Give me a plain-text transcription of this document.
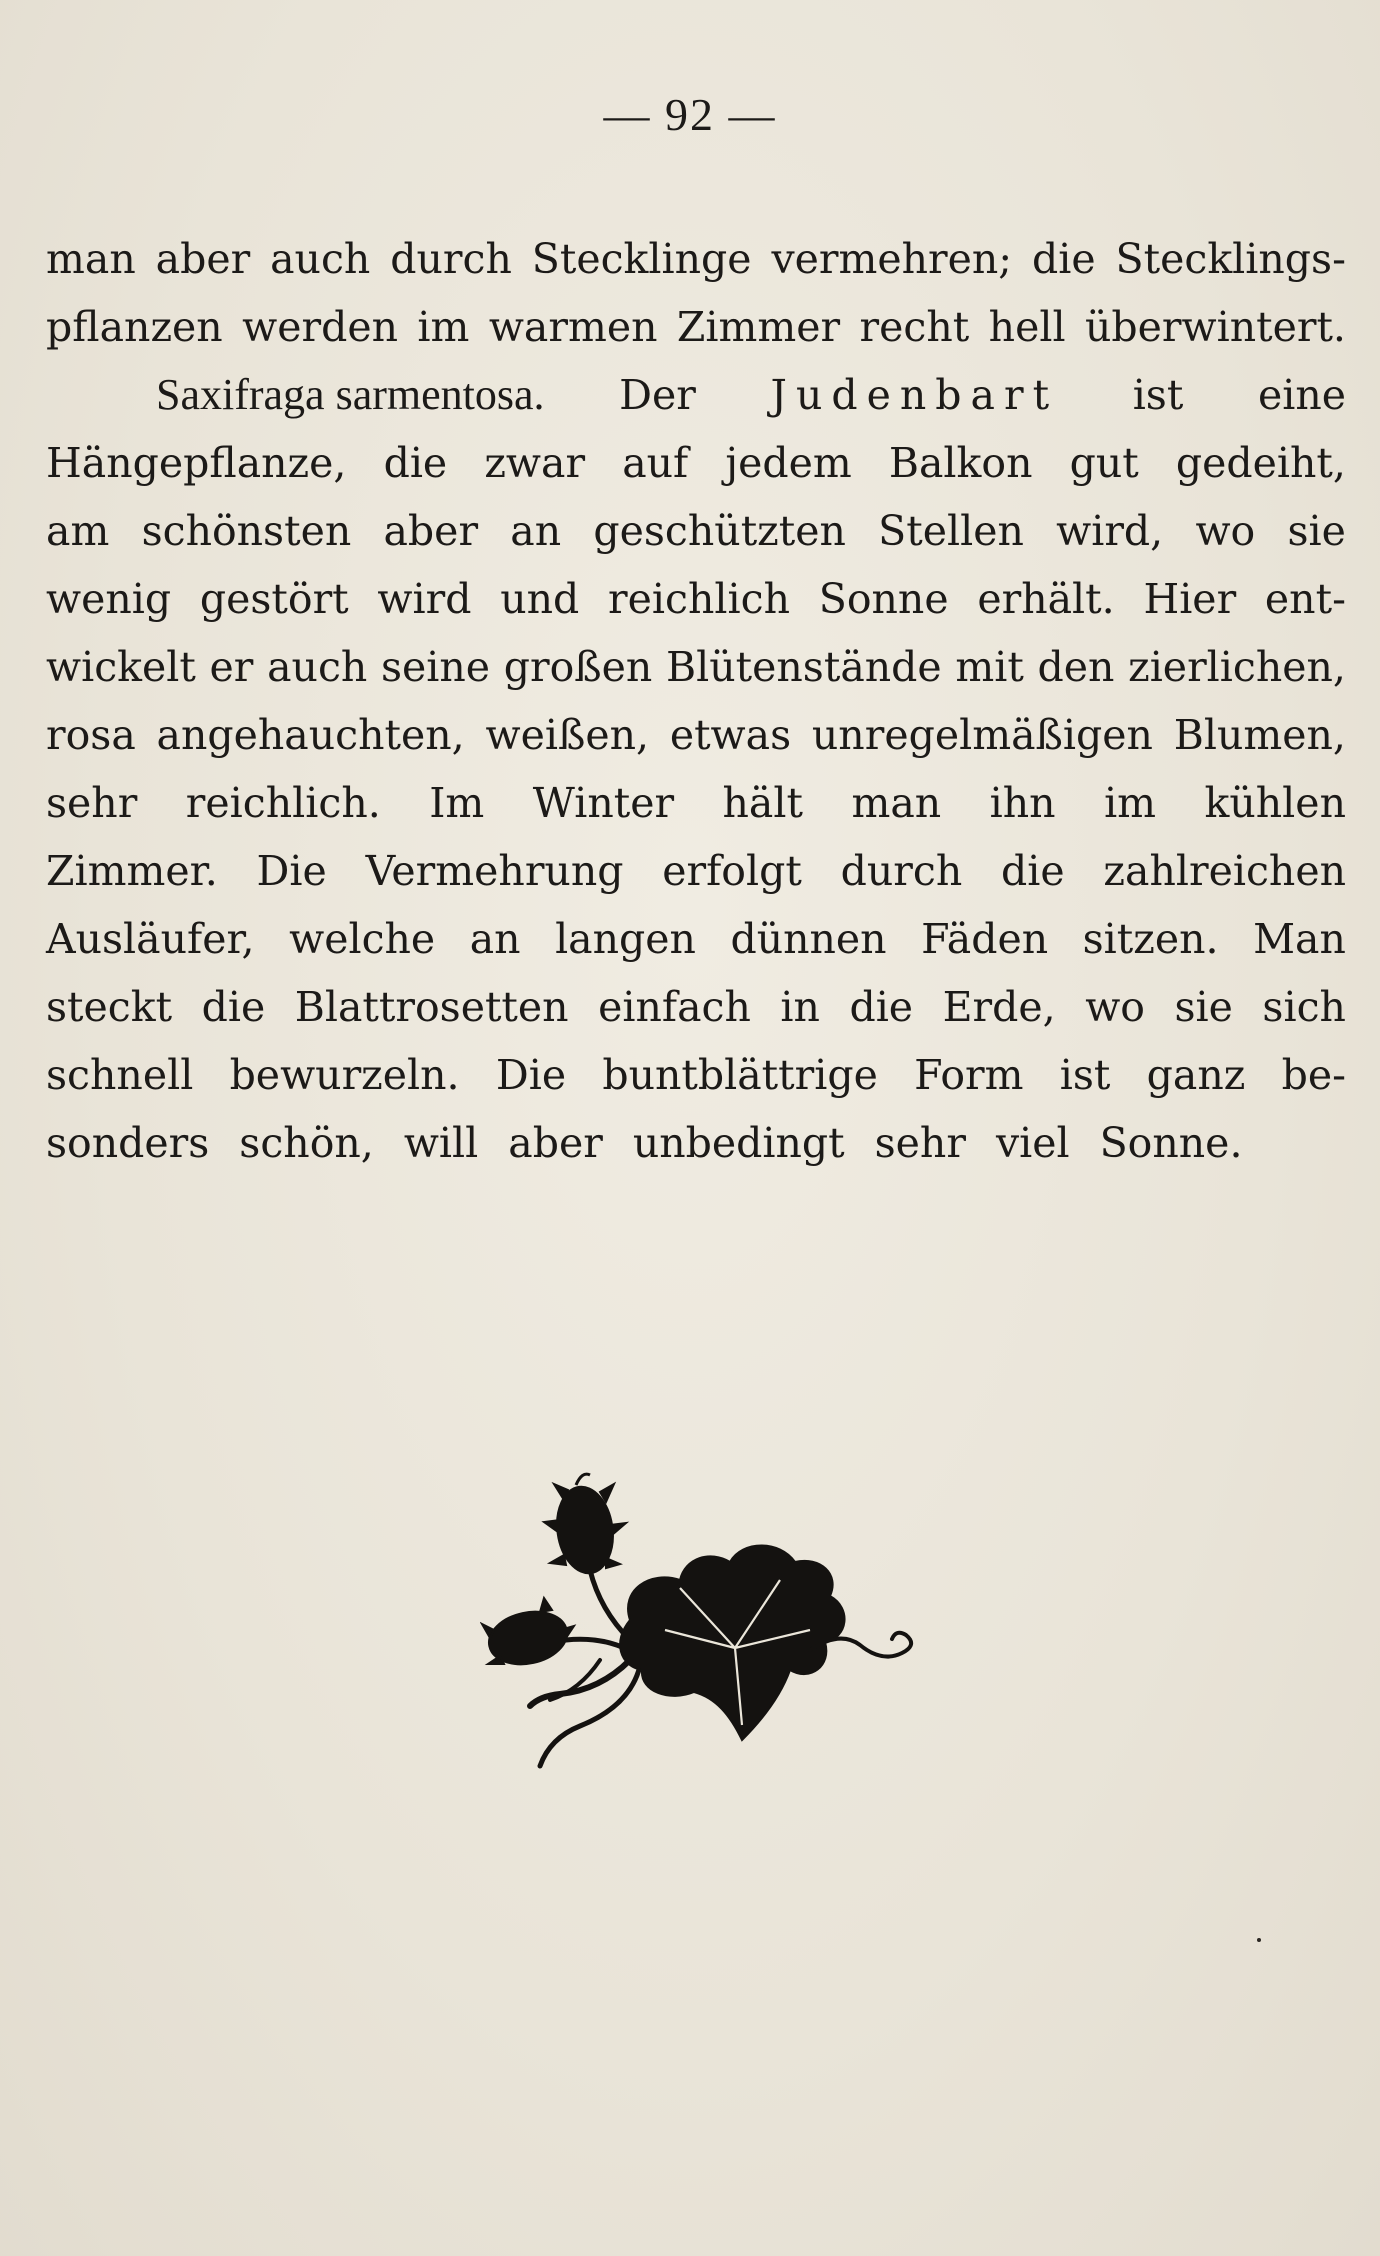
— 92 —
man aber auch durch Stecklinge vermehren; die Stecklings-
pflanzen werden im warmen Zimmer recht hell überwintert.
Saxifraga sarmentosa. Der Judenbart ist eine
Hängepflanze, die zwar auf jedem Balkon gut gedeiht,
am schönsten aber an geschützten Stellen wird, wo sie
wenig gestört wird und reichlich Sonne erhält. Hier ent-
wickelt er auch seine großen Blütenstände mit den zierlichen,
rosa angehauchten, weißen, etwas unregelmäßigen Blumen,
sehr reichlich. Im Winter hält man ihn im kühlen
Zimmer. Die Vermehrung erfolgt durch die zahlreichen
Ausläufer, welche an langen dünnen Fäden sitzen. Man
steckt die Blattrosetten einfach in die Erde, wo sie sich
schnell bewurzeln. Die buntblättrige Form ist ganz be-
sonders schön, will aber unbedingt sehr viel Sonne.
